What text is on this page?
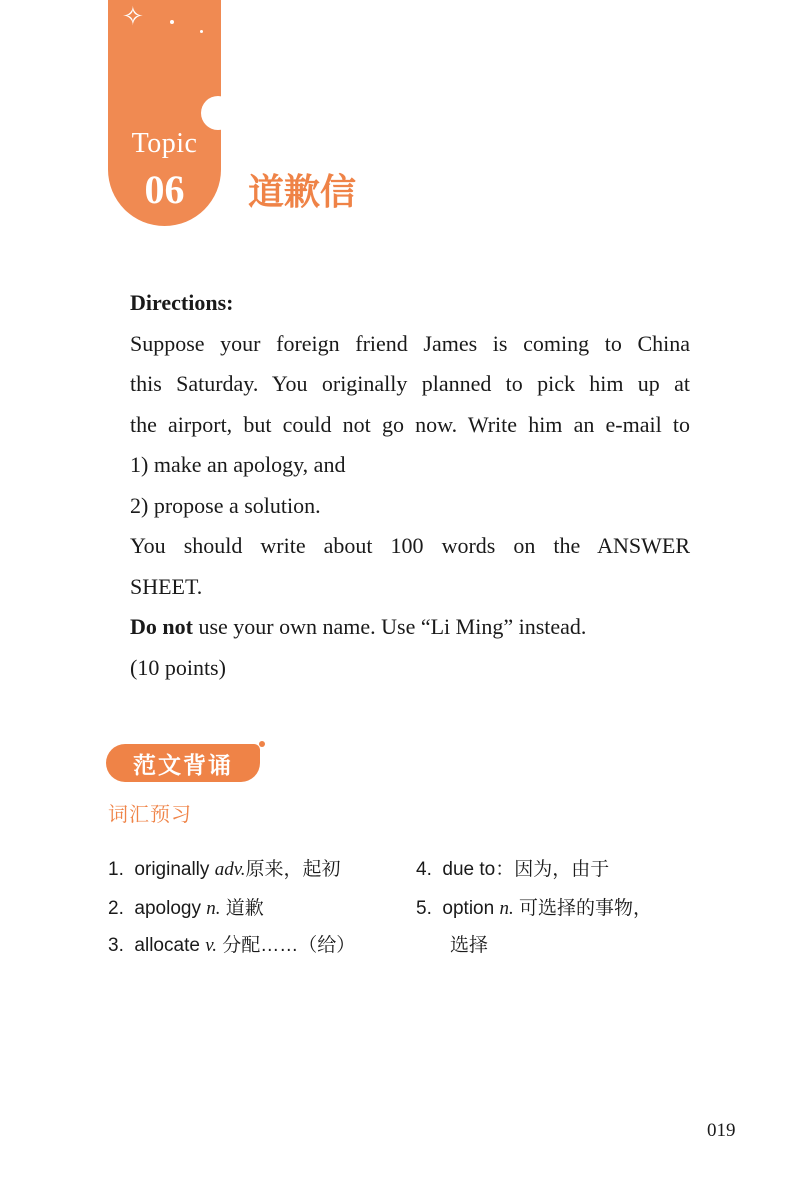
✧
Topic
06	道歉信
Directions:
Suppose your foreign friend James is coming to China
this Saturday. You originally planned to pick him up at
the airport, but could not go now. Write him an e-mail to
1) make an apology, and
2) propose a solution.
You should write about 100 words on the ANSWER
SHEET.
Do not use your own name. Use “Li Ming” instead.
(10 points)
范文背诵
词汇预习
1. originally adv.原来，起初
2. apology n. 道歉
3. allocate v. 分配……（给）
4. due to：因为，由于
5. option n. 可选择的事物，
选择
019
